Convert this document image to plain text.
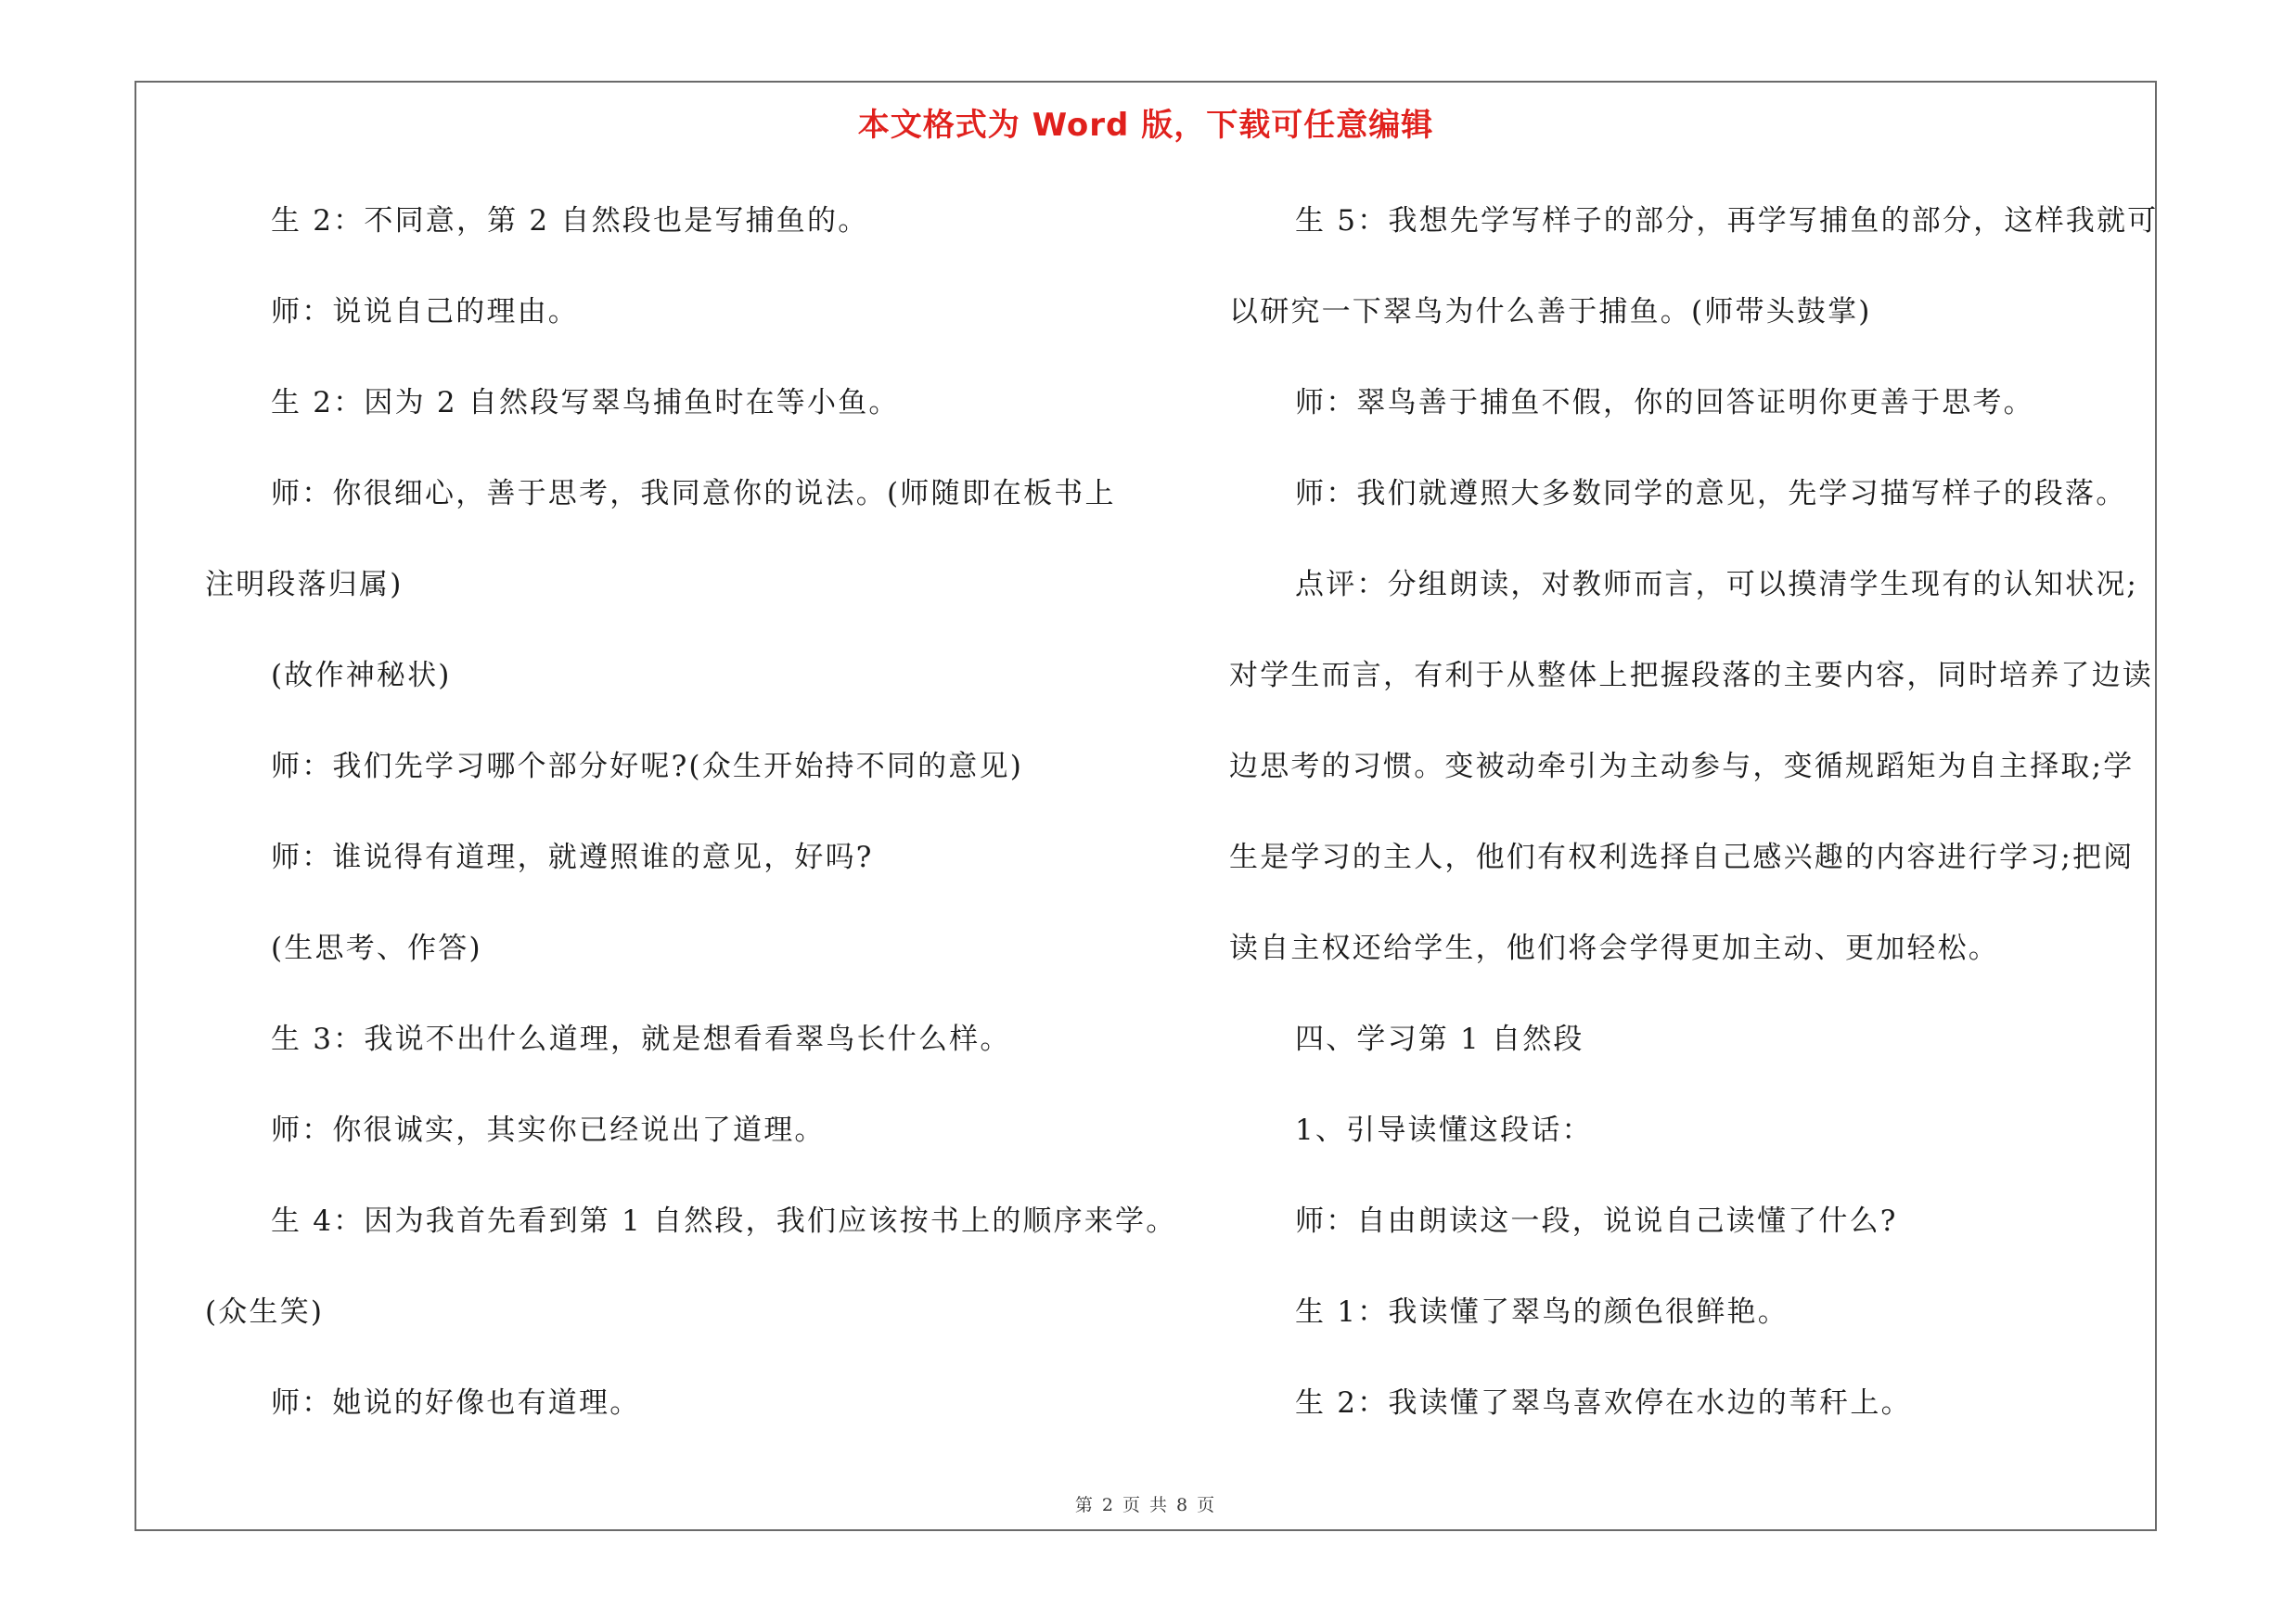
本文格式为 Word 版，下载可任意编辑
生 2：不同意，第 2 自然段也是写捕鱼的。
师：说说自己的理由。
生 2：因为 2 自然段写翠鸟捕鱼时在等小鱼。
师：你很细心，善于思考，我同意你的说法。(师随即在板书上
注明段落归属)
(故作神秘状)
师：我们先学习哪个部分好呢?(众生开始持不同的意见)
师：谁说得有道理，就遵照谁的意见，好吗?
(生思考、作答)
生 3：我说不出什么道理，就是想看看翠鸟长什么样。
师：你很诚实，其实你已经说出了道理。
生 4：因为我首先看到第 1 自然段，我们应该按书上的顺序来学。
(众生笑)
师：她说的好像也有道理。
生 5：我想先学写样子的部分，再学写捕鱼的部分，这样我就可
以研究一下翠鸟为什么善于捕鱼。(师带头鼓掌)
师：翠鸟善于捕鱼不假，你的回答证明你更善于思考。
师：我们就遵照大多数同学的意见，先学习描写样子的段落。
点评：分组朗读，对教师而言，可以摸清学生现有的认知状况;
对学生而言，有利于从整体上把握段落的主要内容，同时培养了边读
边思考的习惯。变被动牵引为主动参与，变循规蹈矩为自主择取;学
生是学习的主人，他们有权利选择自己感兴趣的内容进行学习;把阅
读自主权还给学生，他们将会学得更加主动、更加轻松。
四、学习第 1 自然段
1、引导读懂这段话：
师：自由朗读这一段，说说自己读懂了什么?
生 1：我读懂了翠鸟的颜色很鲜艳。
生 2：我读懂了翠鸟喜欢停在水边的苇秆上。
第 2 页 共 8 页
